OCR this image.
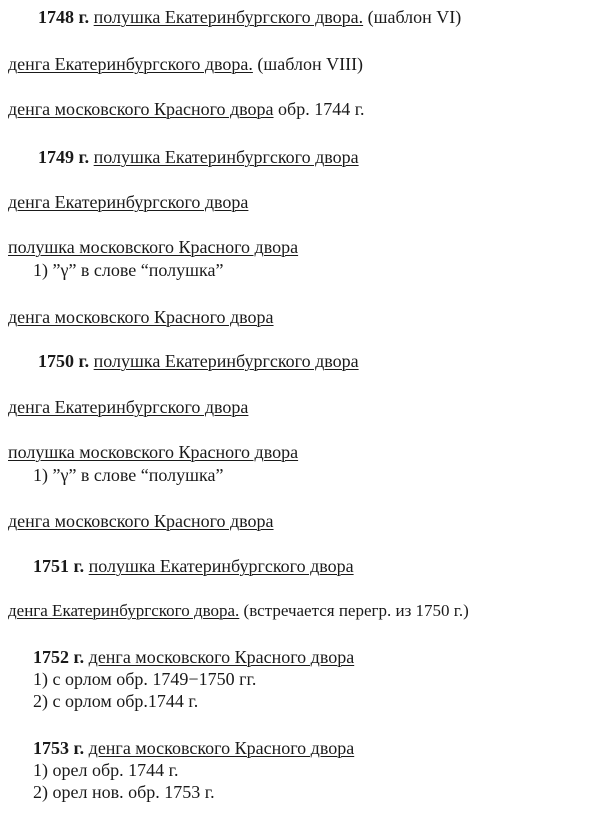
1748 г. полушка Екатеринбургского двора. (шаблон VI)
денга Екатеринбургского двора. (шаблон VIII)
денга московского Красного двора обр. 1744 г.
1749 г. полушка Екатеринбургского двора
денга Екатеринбургского двора
полушка московского Красного двора
1) ”γ” в слове “полушка”
денга московского Красного двора
1750 г. полушка Екатеринбургского двора
денга Екатеринбургского двора
полушка московского Красного двора
1) ”γ” в слове “полушка”
денга московского Красного двора
1751 г. полушка Екатеринбургского двора
денга Екатеринбургского двора. (встречается перегр. из 1750 г.)
1752 г. денга московского Красного двора
1) с орлом обр. 1749−1750 гг.
2) с орлом обр.1744 г.
1753 г. денга московского Красного двора
1) орел обр. 1744 г.
2) орел нов. обр. 1753 г.
